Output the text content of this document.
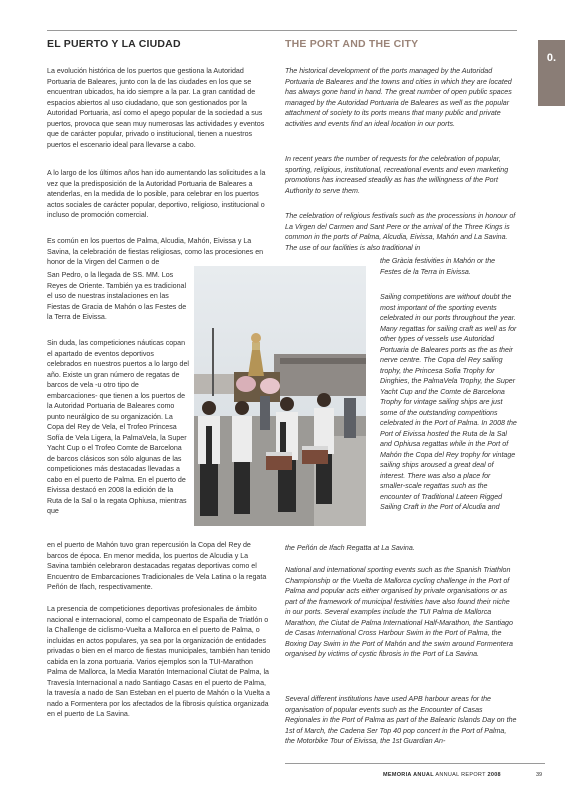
0.
EL PUERTO Y LA CIUDAD	THE PORT AND THE CITY

La evolución histórica de los puertos que gestiona la Autoridad Portuaria de Baleares, junto con la de las ciudades en los que se encuentran ubicados, ha ido siempre a la par. La gran cantidad de espacios abiertos al uso ciudadano, que son gestionados por la Autoridad Portuaria, así como el apego popular de la sociedad a sus puertos, provoca que sean muy numerosas las actividades y eventos que de carácter popular, privado o institucional, tienen a nuestros puertos el escenario ideal para llevarse a cabo.

A lo largo de los últimos años han ido aumentando las solicitudes a la vez que la predisposición de la Autoridad Portuaria de Baleares a atenderlas, en la medida de lo posible, para celebrar en los puertos actos sociales de carácter popular, deportivo, religioso, institucional o incluso de promoción comercial.

Es común en los puertos de Palma, Alcudia, Mahón, Eivissa y La Savina, la celebración de fiestas religiosas, como las procesiones en honor de la Virgen del Carmen o de

San Pedro, o la llegada de SS. MM. Los Reyes de Oriente. También ya es tradicional el uso de nuestras instalaciones en las Fiestas de Gracia de Mahón o las Festes de la Terra de Eivissa.

Sin duda, las competiciones náuticas copan el apartado de eventos deportivos celebrados en nuestros puertos a lo largo del año. Existe un gran número de regatas de barcos de vela -u otro tipo de embarcaciones- que tienen a los puertos de la Autoridad Portuaria de Baleares como punto neurálgico de su organización. La Copa del Rey de Vela, el Trofeo Princesa Sofía de Vela Ligera, la PalmaVela, la Super Yacht Cup o el Trofeo Comte de Barcelona de barcos clásicos son sólo algunas de las competiciones más destacadas llevadas a cabo en el puerto de Palma. En el puerto de Eivissa destacó en 2008 la edición de la Ruta de la Sal o la regata Ophiusa, mientras que

en el puerto de Mahón tuvo gran repercusión la Copa del Rey de barcos de época. En menor medida, los puertos de Alcudia y La Savina también celebraron destacadas regatas deportivas como el Encuentro de Embarcaciones Tradicionales de Vela Latina o la regata Peñón de Ifach, respectivamente.

La presencia de competiciones deportivas profesionales de ámbito nacional e internacional, como el campeonato de España de Triatlón o la Challenge de ciclismo-Vuelta a Mallorca en el puerto de Palma, o incluidas en actos populares, ya sea por la organización de entidades privadas o bien en el marco de fiestas municipales, también han tenido cabida en la zona portuaria. Varios ejemplos son la TUI-Marathon Palma de Mallorca, la Media Maratón Internacional Ciutat de Palma, la Travesía Internacional a nado Santiago Casas en el puerto de Palma, la travesía a nado de San Esteban en el puerto de Mahón o la Vuelta a nado a Formentera por los afectados de la fibrosis quística organizada en el puerto de La Savina.

The historical development of the ports managed by the Autoridad Portuaria de Baleares and the towns and cities in which they are located has always gone hand in hand. The great number of open public spaces managed by the Autoridad Portuaria de Baleares as well as the popular attachment of society to its ports means that many public and private activities and events find an ideal location in our ports.

In recent years the number of requests for the celebration of popular, sporting, religious, institutional, recreational events and even marketing promotions has increased steadily as has the willingness of the Port Authority to serve them.

The celebration of religious festivals such as the processions in honour of La Virgen del Carmen and Sant Pere or the arrival of the Three Kings is common in the ports of Palma, Alcudia, Eivissa, Mahón and La Savina. The use of our facilities is also traditional in

the Gràcia festivities in Mahón or the Festes de la Terra in Eivissa.

Sailing competitions are without doubt the most important of the sporting events celebrated in our ports throughout the year. Many regattas for sailing craft as well as for other types of vessels use Autoridad Portuaria de Baleares ports as the as their nerve centre. The Copa del Rey sailing trophy, the Princesa Sofia Trophy for Dinghies, the PalmaVela Trophy, the Super Yacht Cup and the Comte de Barcelona Trophy for vintage sailing ships are just some of the outstanding competitions celebrated in the Port of Palma. In 2008 the Port of Eivissa hosted the Ruta de la Sal and Ophiusa regattas while in the Port of Mahón the Copa del Rey trophy for vintage sailing ships aroused a great deal of interest. There was also a place for smaller-scale regattas such as the encounter of Traditional Lateen Rigged Sailing Craft in the Port of Alcudia and

the Peñón de Ifach Regatta at La Savina.

National and international sporting events such as the Spanish Triathlon Championship or the Vuelta de Mallorca cycling challenge in the Port of Palma and popular acts either organised by private organisations or as part of the framework of municipal festivities have also found their niche in our ports. Several examples include the TUI Palma de Mallorca Marathon, the Ciutat de Palma International Half-Marathon, the Santiago de Casas International Cross Harbour Swim in the Port of Palma, the Boxing Day Swim in the Port of Mahón and the swim around Formentera organised by victims of cystic fibrosis in the Port of La Savina.

Several different institutions have used APB harbour areas for the organisation of popular events such as the Encounter of Casas Regionales in the Port of Palma as part of the Balearic Islands Day on the 1st of March, the Cadena Ser Top 40 pop concert in the Port of Palma, the Motorbike Tour of Eivissa, the 1st Guardian An-

MEMORIA ANUAL ANNUAL REPORT 2008	39
